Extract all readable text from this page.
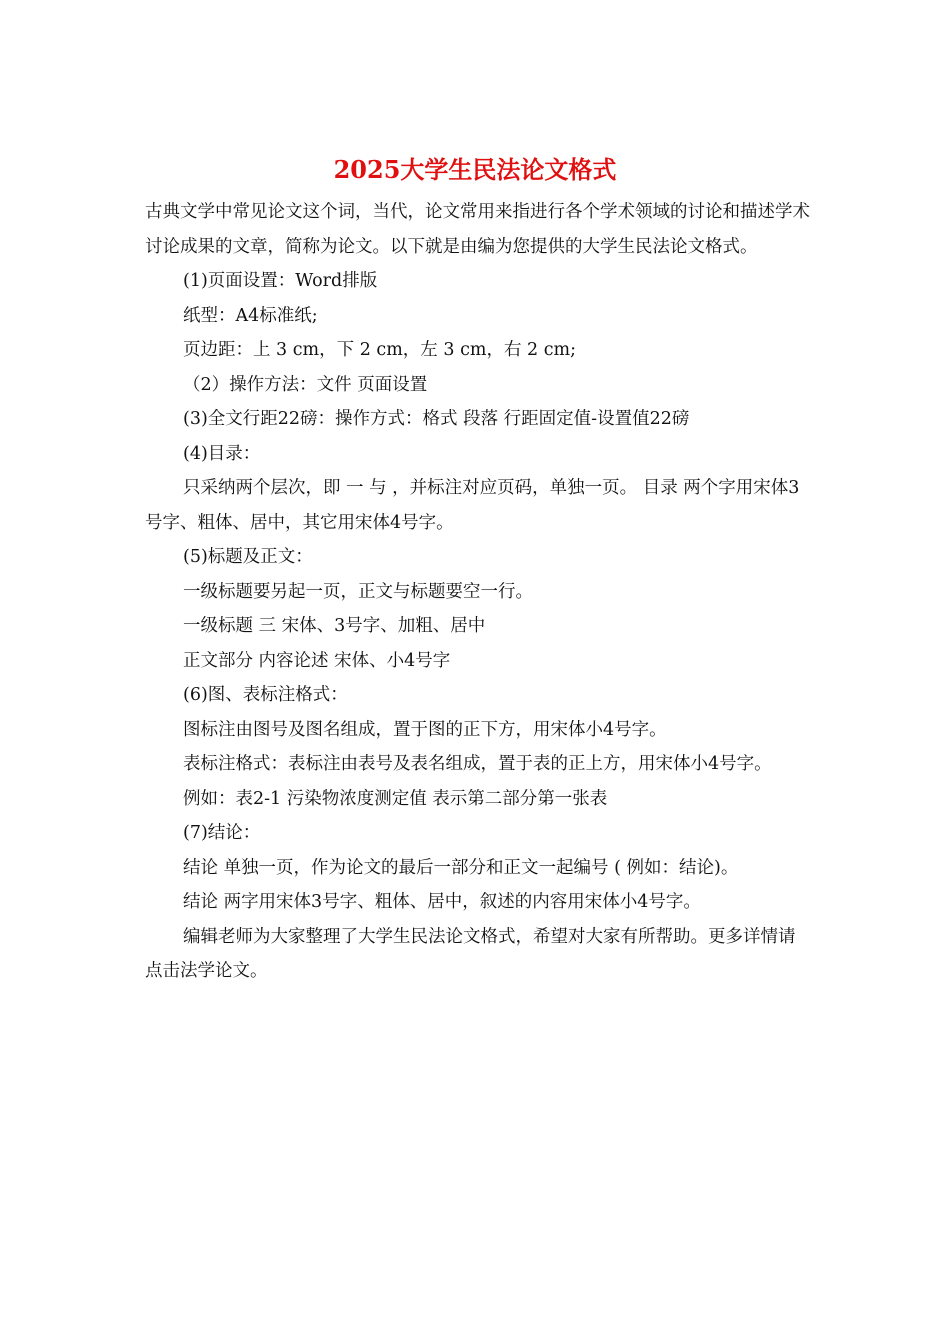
2025大学生民法论文格式

古典文学中常见论文这个词，当代，论文常用来指进行各个学术领域的讨论和描述学术讨论成果的文章，简称为论文。以下就是由编为您提供的大学生民法论文格式。

(1)页面设置：Word排版

纸型：A4标准纸;

页边距：上 3 cm，下 2 cm，左 3 cm，右 2 cm;

（2）操作方法：文件 页面设置

(3)全文行距22磅：操作方式：格式 段落 行距固定值-设置值22磅

(4)目录：

只采纳两个层次，即 一 与 ，并标注对应页码，单独一页。 目录 两个字用宋体3号字、粗体、居中，其它用宋体4号字。

(5)标题及正文：

一级标题要另起一页，正文与标题要空一行。

一级标题 三 宋体、3号字、加粗、居中

正文部分 内容论述 宋体、小4号字

(6)图、表标注格式：

图标注由图号及图名组成，置于图的正下方，用宋体小4号字。

表标注格式：表标注由表号及表名组成，置于表的正上方，用宋体小4号字。

例如：表2-1 污染物浓度测定值 表示第二部分第一张表

(7)结论：

结论 单独一页，作为论文的最后一部分和正文一起编号 ( 例如：结论)。

结论 两字用宋体3号字、粗体、居中，叙述的内容用宋体小4号字。

编辑老师为大家整理了大学生民法论文格式，希望对大家有所帮助。更多详情请点击法学论文。
